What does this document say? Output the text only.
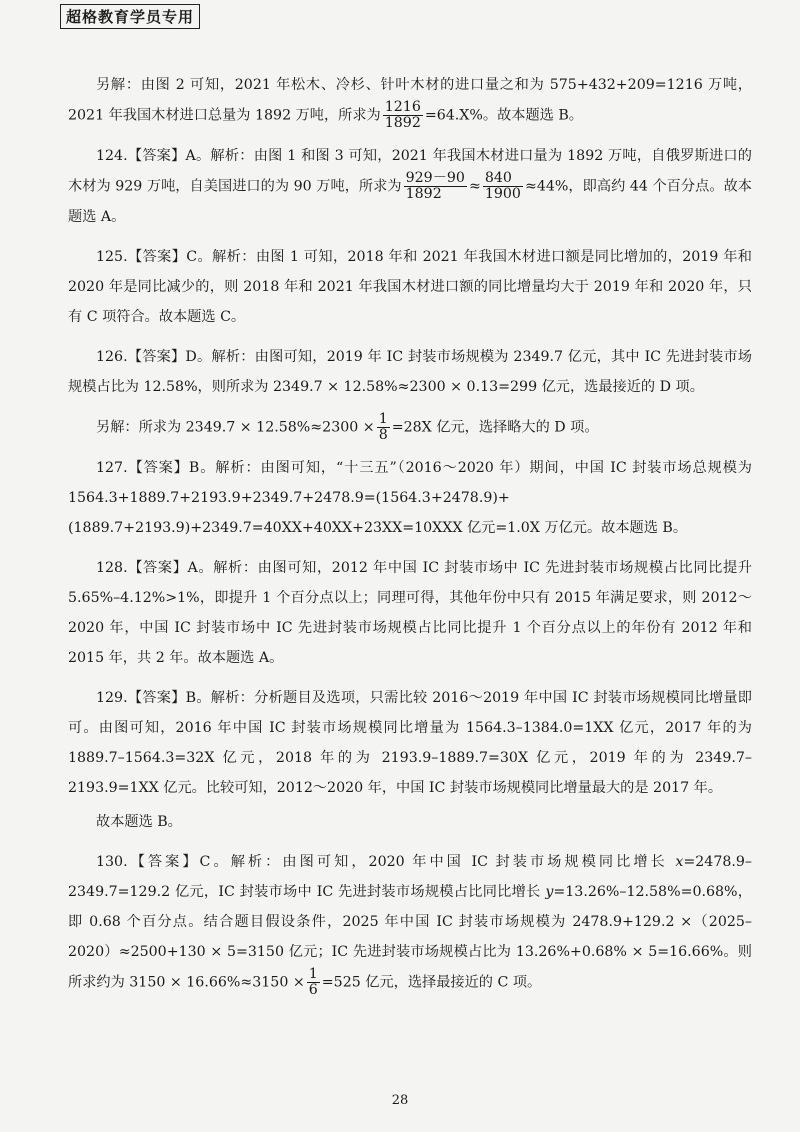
超格教育学员专用

另解：由图 2 可知，2021 年松木、冷杉、针叶木材的进口量之和为 575+432+209=1216 万吨，2021 年我国木材进口总量为 1892 万吨，所求为 $\frac{1216}{1892} =64.X\%$。故本题选 B。

124.【答案】A。解析：由图 1 和图 3 可知，2021 年我国木材进口量为 1892 万吨，自俄罗斯进口的木材为 929 万吨，自美国进口的为 90 万吨，所求为 $\frac{929-90}{1892} \approx \frac{840}{1900} \approx 44\%$，即高约 44 个百分点。故本题选 A。

125.【答案】C。解析：由图 1 可知，2018 年和 2021 年我国木材进口额是同比增加的，2019 年和 2020 年是同比减少的，则 2018 年和 2021 年我国木材进口额的同比增量均大于 2019 年和 2020 年，只有 C 项符合。故本题选 C。

126.【答案】D。解析：由图可知，2019 年 IC 封装市场规模为 2349.7 亿元，其中 IC 先进封装市场规模占比为 12.58%，则所求为 2349.7 × 12.58%≈2300 × 0.13=299 亿元，选最接近的 D 项。

另解：所求为 $2349.7 \times 12.58\%\approx 2300 \times \frac{1}{8} =28X$ 亿元，选择略大的 D 项。

127.【答案】B。解析：由图可知，“十三五”（2016～2020 年）期间，中国 IC 封装市场总规模为 1564.3+1889.7+2193.9+2349.7+2478.9=(1564.3+2478.9)+(1889.7+2193.9)+2349.7=40XX+40XX+23XX=10XXX 亿元=1.0X 万亿元。故本题选 B。

128.【答案】A。解析：由图可知，2012 年中国 IC 封装市场中 IC 先进封装市场规模占比同比提升 5.65%–4.12%>1%，即提升 1 个百分点以上；同理可得，其他年份中只有 2015 年满足要求，则 2012～2020 年，中国 IC 封装市场中 IC 先进封装市场规模占比同比提升 1 个百分点以上的年份有 2012 年和 2015 年，共 2 年。故本题选 A。

129.【答案】B。解析：分析题目及选项，只需比较 2016～2019 年中国 IC 封装市场规模同比增量即可。由图可知，2016 年中国 IC 封装市场规模同比增量为 1564.3–1384.0=1XX 亿元，2017 年的为 1889.7–1564.3=32X 亿元，2018 年的为 2193.9–1889.7=30X 亿元，2019 年的为 2349.7–2193.9=1XX 亿元。比较可知，2012～2020 年，中国 IC 封装市场规模同比增量最大的是 2017 年。

故本题选 B。

130.【答案】C。解析：由图可知，2020 年中国 IC 封装市场规模同比增长 x=2478.9–2349.7=129.2 亿元，IC 封装市场中 IC 先进封装市场规模占比同比增长 y=13.26%–12.58%=0.68%，即 0.68 个百分点。结合题目假设条件，2025 年中国 IC 封装市场规模为 2478.9+129.2 ×（2025–2020）≈2500+130 × 5=3150 亿元；IC 先进封装市场规模占比为 13.26%+0.68% × 5=16.66%。则所求约为 $3150 \times 16.66\%\approx 3150 \times \frac{1}{6} =525$ 亿元，选择最接近的 C 项。

28
